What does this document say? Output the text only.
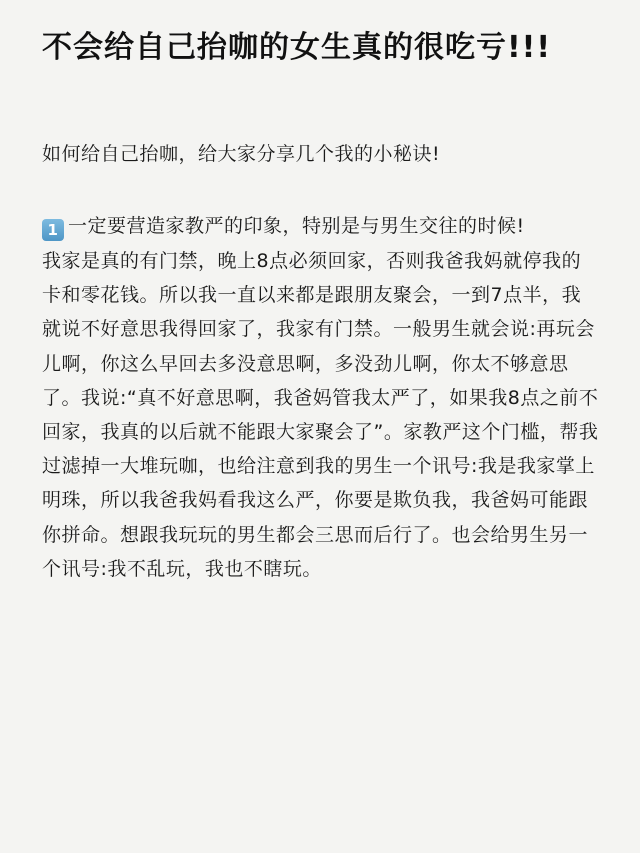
不会给自己抬咖的女生真的很吃亏!!!
如何给自己抬咖，给大家分享几个我的小秘诀!
1 一定要营造家教严的印象，特别是与男生交往的时候!
我家是真的有门禁，晚上8点必须回家，否则我爸我妈就停我的卡和零花钱。所以我一直以来都是跟朋友聚会，一到7点半，我就说不好意思我得回家了，我家有门禁。一般男生就会说:再玩会儿啊，你这么早回去多没意思啊，多没劲儿啊，你太不够意思了。我说:“真不好意思啊，我爸妈管我太严了，如果我8点之前不回家，我真的以后就不能跟大家聚会了”。家教严这个门槛，帮我过滤掉一大堆玩咖，也给注意到我的男生一个讯号:我是我家掌上明珠，所以我爸我妈看我这么严，你要是欺负我，我爸妈可能跟你拼命。想跟我玩玩的男生都会三思而后行了。也会给男生另一个讯号:我不乱玩，我也不瞎玩。
